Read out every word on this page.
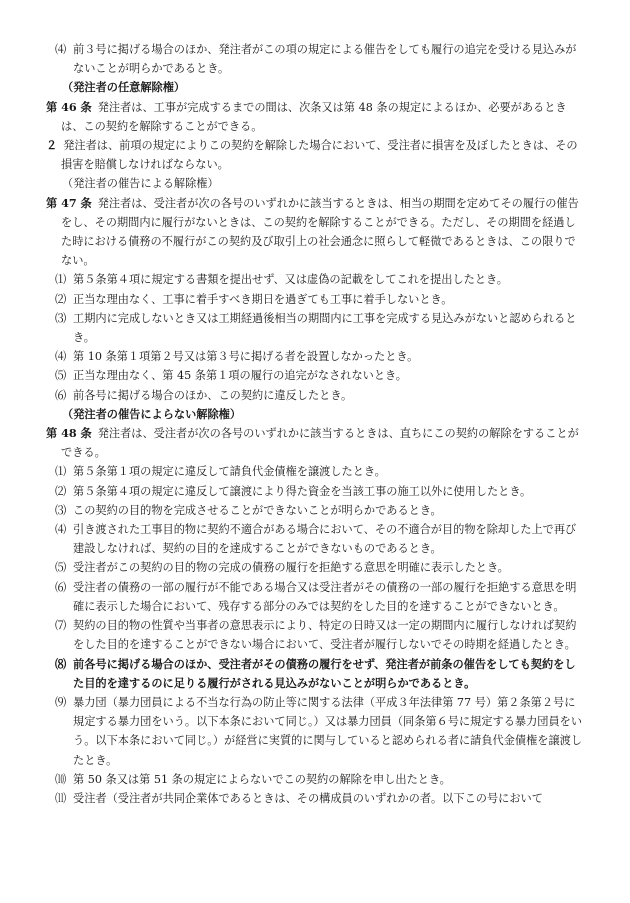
⑷ 前３号に掲げる場合のほか、発注者がこの項の規定による催告をしても履行の追完を受ける見込みがないことが明らかであるとき。
（発注者の任意解除権）
第 46 条 発注者は、工事が完成するまでの間は、次条又は第 48 条の規定によるほか、必要があるときは、この契約を解除することができる。
２ 発注者は、前項の規定によりこの契約を解除した場合において、受注者に損害を及ぼしたときは、その損害を賠償しなければならない。
（発注者の催告による解除権）
第 47 条 発注者は、受注者が次の各号のいずれかに該当するときは、相当の期間を定めてその履行の催告をし、その期間内に履行がないときは、この契約を解除することができる。ただし、その期間を経過した時における債務の不履行がこの契約及び取引上の社会通念に照らして軽微であるときは、この限りでない。
⑴ 第５条第４項に規定する書類を提出せず、又は虚偽の記載をしてこれを提出したとき。
⑵ 正当な理由なく、工事に着手すべき期日を過ぎても工事に着手しないとき。
⑶ 工期内に完成しないとき又は工期経過後相当の期間内に工事を完成する見込みがないと認められるとき。
⑷ 第 10 条第１項第２号又は第３号に掲げる者を設置しなかったとき。
⑸ 正当な理由なく、第 45 条第１項の履行の追完がなされないとき。
⑹ 前各号に掲げる場合のほか、この契約に違反したとき。
（発注者の催告によらない解除権）
第 48 条 発注者は、受注者が次の各号のいずれかに該当するときは、直ちにこの契約の解除をすることができる。
⑴ 第５条第１項の規定に違反して請負代金債権を譲渡したとき。
⑵ 第５条第４項の規定に違反して譲渡により得た資金を当該工事の施工以外に使用したとき。
⑶ この契約の目的物を完成させることができないことが明らかであるとき。
⑷ 引き渡された工事目的物に契約不適合がある場合において、その不適合が目的物を除却した上で再び建設しなければ、契約の目的を達成することができないものであるとき。
⑸ 受注者がこの契約の目的物の完成の債務の履行を拒絶する意思を明確に表示したとき。
⑹ 受注者の債務の一部の履行が不能である場合又は受注者がその債務の一部の履行を拒絶する意思を明確に表示した場合において、残存する部分のみでは契約をした目的を達することができないとき。
⑺ 契約の目的物の性質や当事者の意思表示により、特定の日時又は一定の期間内に履行しなければ契約をした目的を達することができない場合において、受注者が履行しないでその時期を経過したとき。
⑻ 前各号に掲げる場合のほか、受注者がその債務の履行をせず、発注者が前条の催告をしても契約をした目的を達するのに足りる履行がされる見込みがないことが明らかであるとき。
⑼ 暴力団（暴力団員による不当な行為の防止等に関する法律（平成３年法律第 77 号）第２条第２号に規定する暴力団をいう。以下本条において同じ。）又は暴力団員（同条第６号に規定する暴力団員をいう。以下本条において同じ。）が経営に実質的に関与していると認められる者に請負代金債権を譲渡したとき。
⑽ 第 50 条又は第 51 条の規定によらないでこの契約の解除を申し出たとき。
⑾ 受注者（受注者が共同企業体であるときは、その構成員のいずれかの者。以下この号において
